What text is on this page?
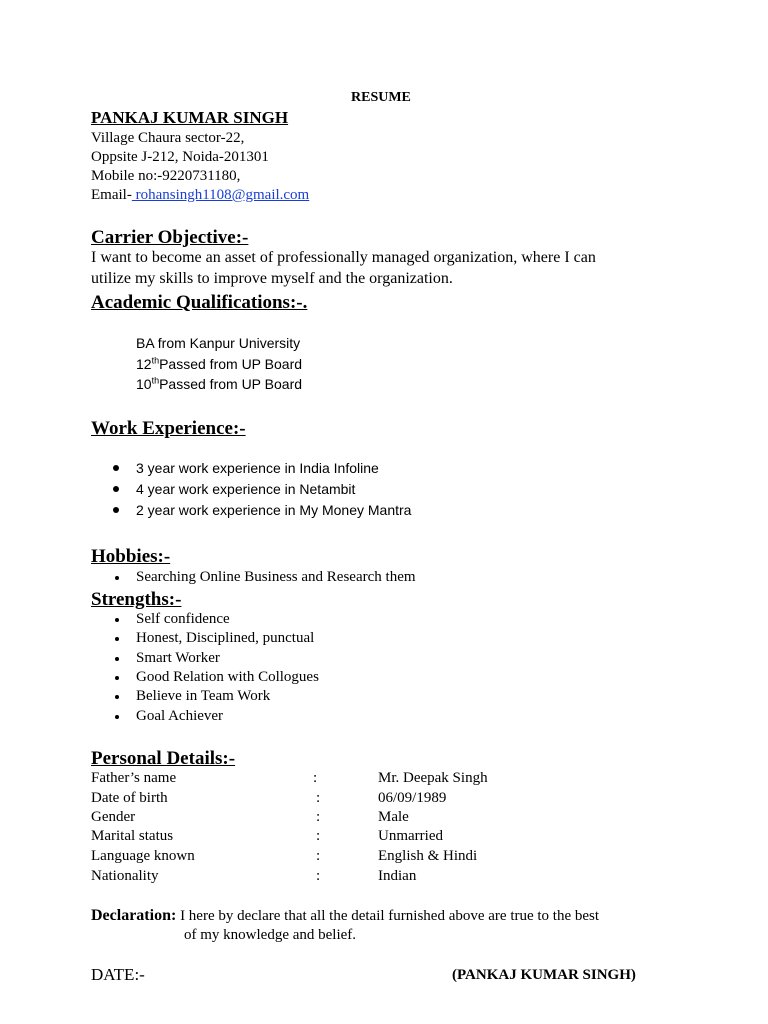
RESUME
PANKAJ KUMAR SINGH
Village Chaura sector-22,
Oppsite J-212, Noida-201301
Mobile no:-9220731180,
Email- rohansingh1108@gmail.com
Carrier Objective:-
I want to become an asset of professionally managed organization, where I can
utilize my skills to improve myself and the organization.
Academic Qualifications:-.
BA from Kanpur University
12thPassed from UP Board
10thPassed from UP Board
Work Experience:-
3 year work experience in India Infoline
4 year work experience in Netambit
2 year work experience in My Money Mantra
Hobbies:-
Searching Online Business and Research them
Strengths:-
Self confidence
Honest, Disciplined, punctual
Smart Worker
Good Relation with Collogues
Believe in Team Work
Goal Achiever
Personal Details:-
Father’s name	:	Mr. Deepak Singh
Date of birth	:	06/09/1989
Gender	:	Male
Marital status	:	Unmarried
Language known	:	English & Hindi
Nationality	:	Indian
Declaration: I here by declare that all the detail furnished above are true to the best
of my knowledge and belief.
DATE:-	(PANKAJ KUMAR SINGH)
